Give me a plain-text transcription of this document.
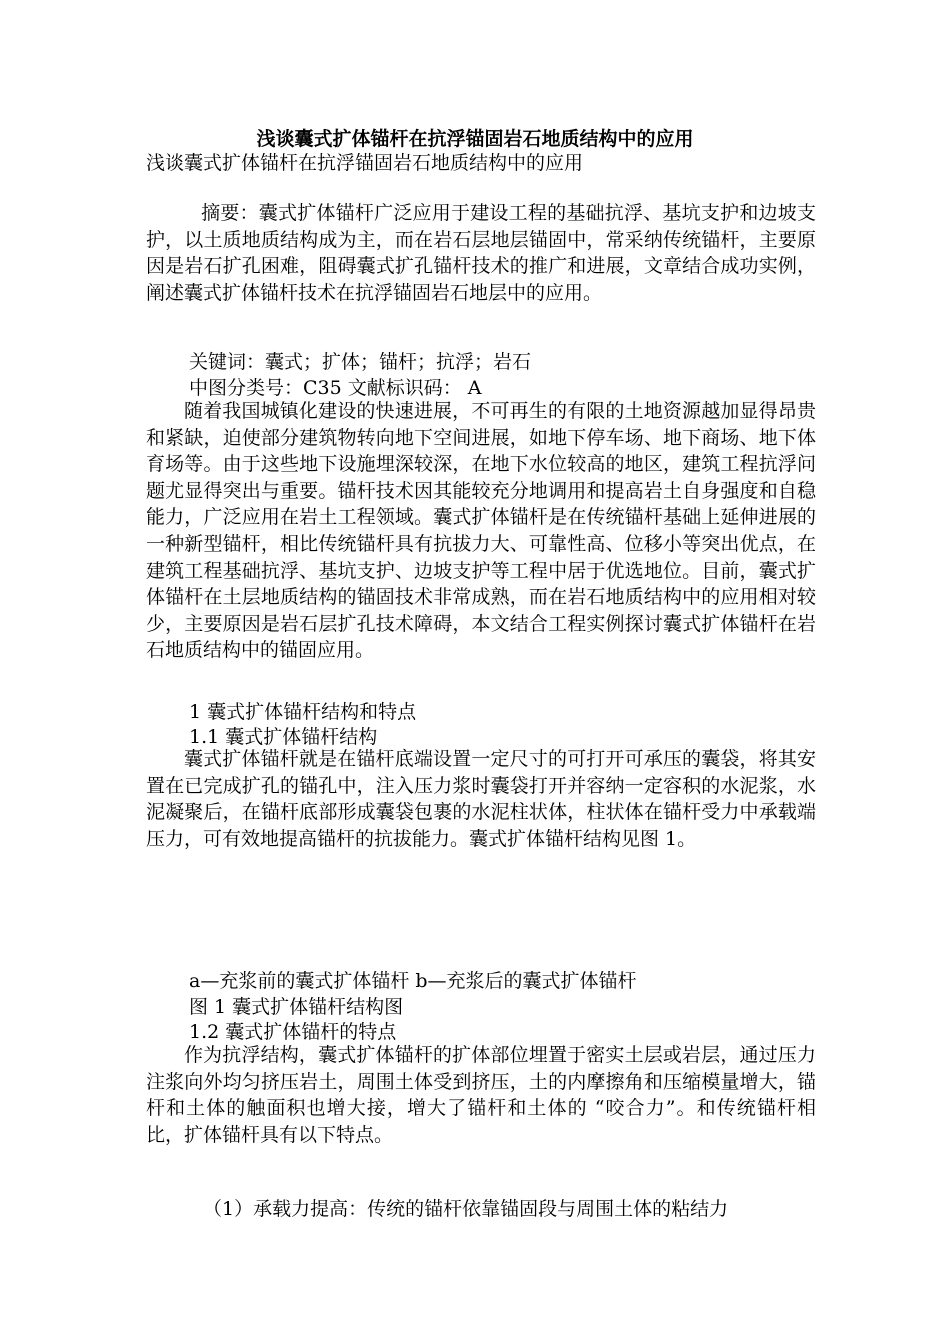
浅谈囊式扩体锚杆在抗浮锚固岩石地质结构中的应用
浅谈囊式扩体锚杆在抗浮锚固岩石地质结构中的应用

摘要：囊式扩体锚杆广泛应用于建设工程的基础抗浮、基坑支护和边坡支护，以土质地质结构成为主，而在岩石层地层锚固中，常采纳传统锚杆，主要原因是岩石扩孔困难，阻碍囊式扩孔锚杆技术的推广和进展，文章结合成功实例，阐述囊式扩体锚杆技术在抗浮锚固岩石地层中的应用。

关键词：囊式；扩体；锚杆；抗浮；岩石
中图分类号：C35 文献标识码： A

随着我国城镇化建设的快速进展，不可再生的有限的土地资源越加显得昂贵和紧缺，迫使部分建筑物转向地下空间进展，如地下停车场、地下商场、地下体育场等。由于这些地下设施埋深较深，在地下水位较高的地区，建筑工程抗浮问题尤显得突出与重要。锚杆技术因其能较充分地调用和提高岩土自身强度和自稳能力，广泛应用在岩土工程领域。囊式扩体锚杆是在传统锚杆基础上延伸进展的一种新型锚杆，相比传统锚杆具有抗拔力大、可靠性高、位移小等突出优点，在建筑工程基础抗浮、基坑支护、边坡支护等工程中居于优选地位。目前，囊式扩体锚杆在土层地质结构的锚固技术非常成熟，而在岩石地质结构中的应用相对较少，主要原因是岩石层扩孔技术障碍，本文结合工程实例探讨囊式扩体锚杆在岩石地质结构中的锚固应用。

1 囊式扩体锚杆结构和特点
1.1 囊式扩体锚杆结构

囊式扩体锚杆就是在锚杆底端设置一定尺寸的可打开可承压的囊袋，将其安置在已完成扩孔的锚孔中，注入压力浆时囊袋打开并容纳一定容积的水泥浆，水泥凝聚后，在锚杆底部形成囊袋包裹的水泥柱状体，柱状体在锚杆受力中承载端压力，可有效地提高锚杆的抗拔能力。囊式扩体锚杆结构见图 1。

a—充浆前的囊式扩体锚杆 b—充浆后的囊式扩体锚杆
图 1 囊式扩体锚杆结构图
1.2 囊式扩体锚杆的特点

作为抗浮结构，囊式扩体锚杆的扩体部位埋置于密实土层或岩层，通过压力注浆向外均匀挤压岩土，周围土体受到挤压，土的内摩擦角和压缩模量增大，锚杆和土体的触面积也增大接，增大了锚杆和土体的 “咬合力”。和传统锚杆相比，扩体锚杆具有以下特点。

（1）承载力提高：传统的锚杆依靠锚固段与周围土体的粘结力
